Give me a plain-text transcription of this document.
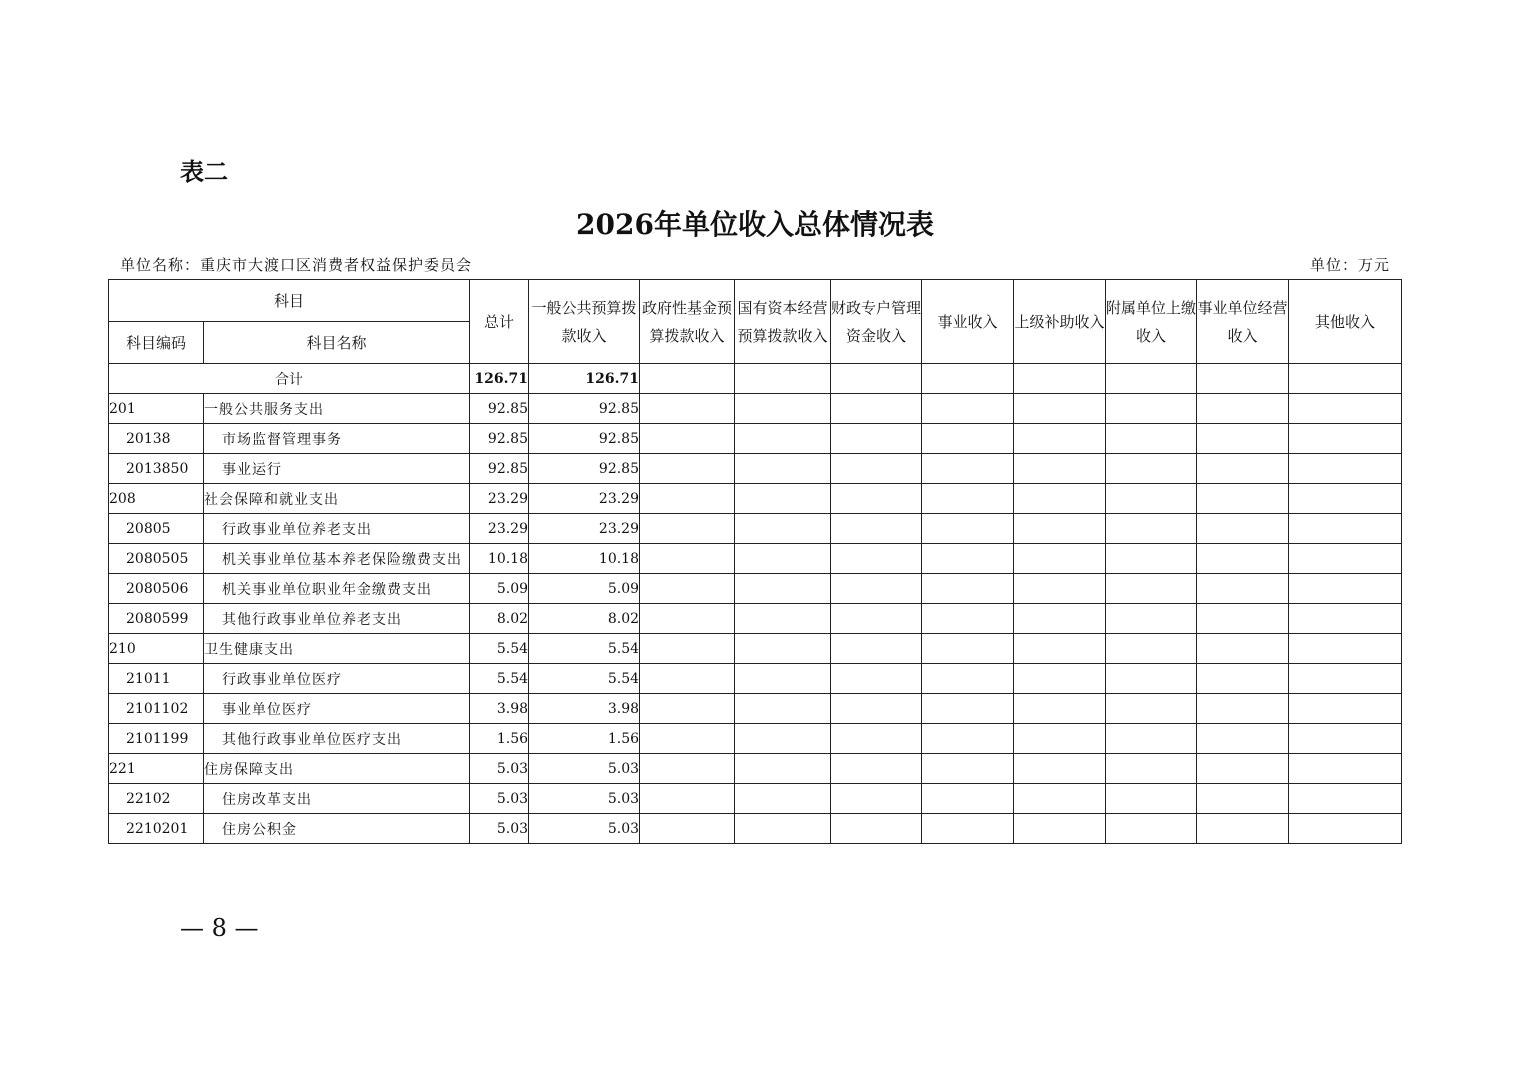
表二
2026年单位收入总体情况表
单位名称：重庆市大渡口区消费者权益保护委员会	单位：万元
科目		总计	一般公共预算拨款收入	政府性基金预算拨款收入	国有资本经营预算拨款收入	财政专户管理资金收入	事业收入	上级补助收入	附属单位上缴收入	事业单位经营收入	其他收入
科目编码	科目名称										
合计		126.71	126.71								
201	一般公共服务支出	92.85	92.85								
20138	市场监督管理事务	92.85	92.85								
2013850	事业运行	92.85	92.85								
208	社会保障和就业支出	23.29	23.29								
20805	行政事业单位养老支出	23.29	23.29								
2080505	机关事业单位基本养老保险缴费支出	10.18	10.18								
2080506	机关事业单位职业年金缴费支出	5.09	5.09								
2080599	其他行政事业单位养老支出	8.02	8.02								
210	卫生健康支出	5.54	5.54								
21011	行政事业单位医疗	5.54	5.54								
2101102	事业单位医疗	3.98	3.98								
2101199	其他行政事业单位医疗支出	1.56	1.56								
221	住房保障支出	5.03	5.03								
22102	住房改革支出	5.03	5.03								
2210201	住房公积金	5.03	5.03								
— 8 —
